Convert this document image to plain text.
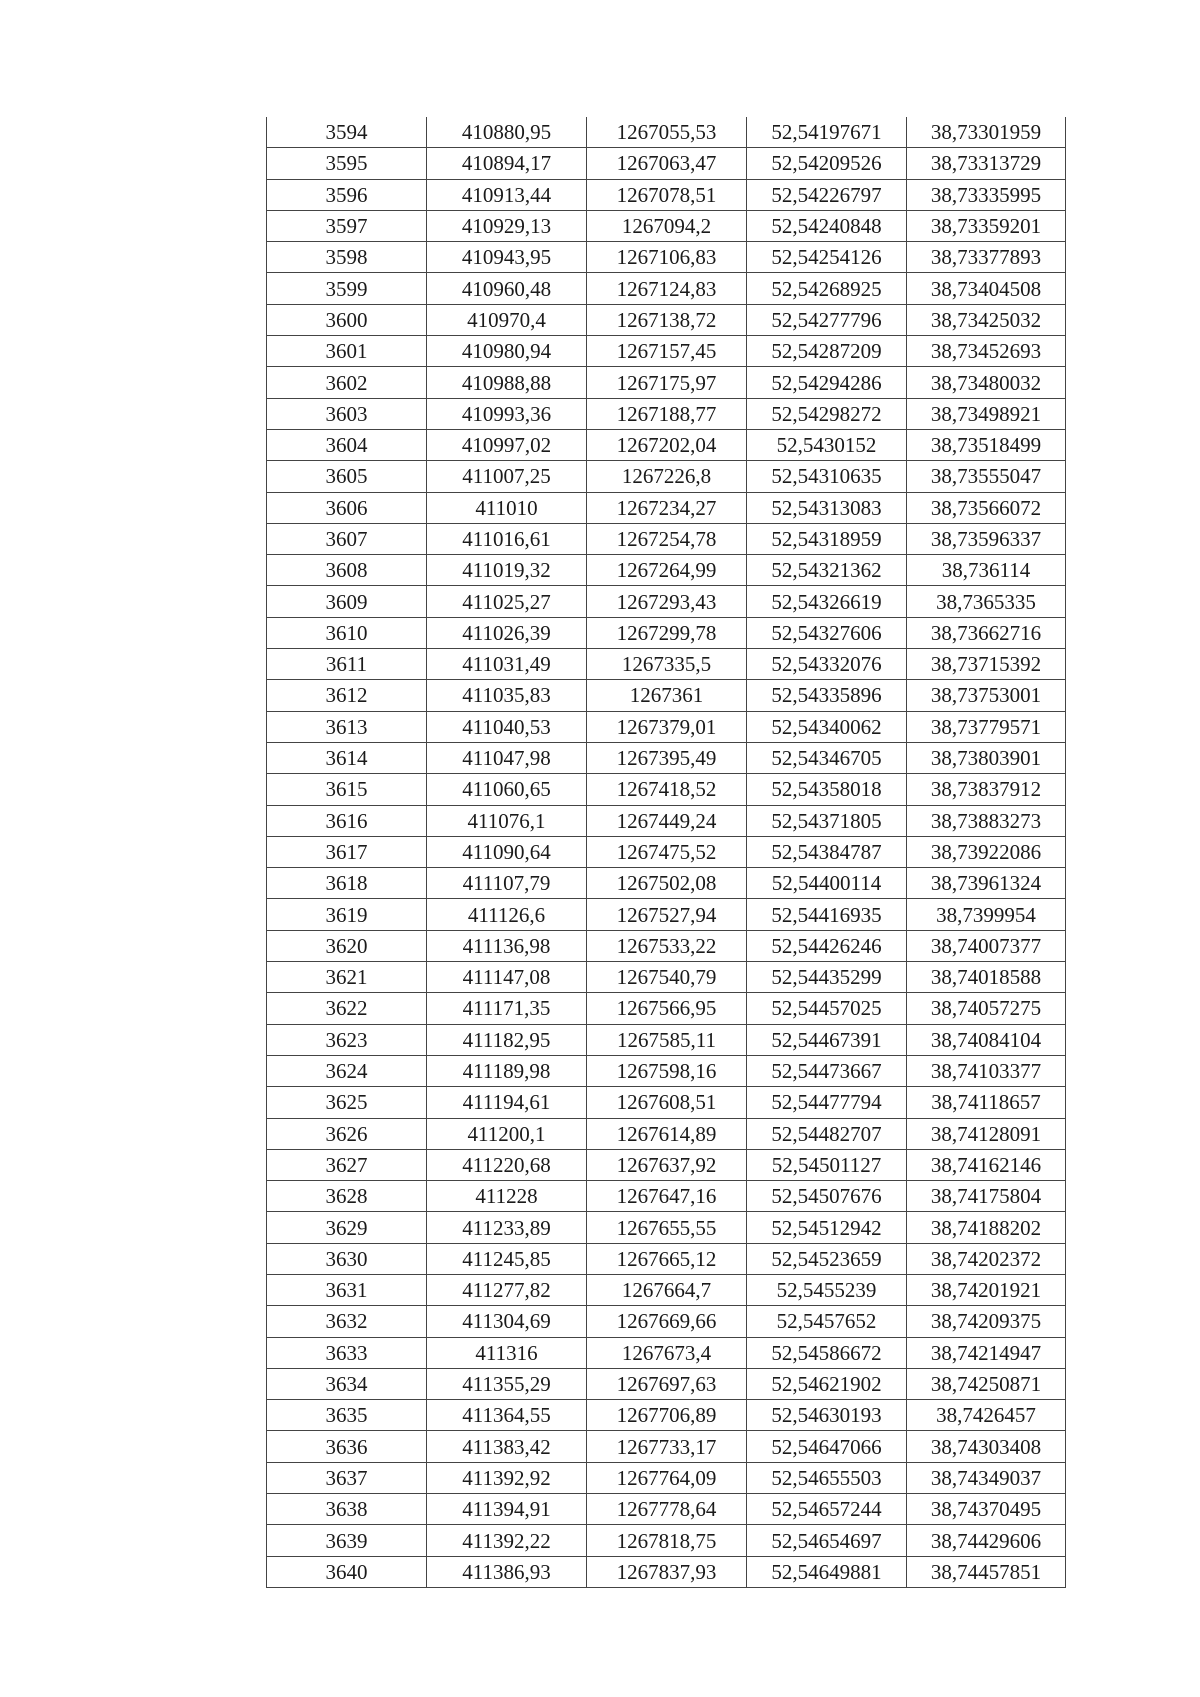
3594	410880,95	1267055,53	52,54197671	38,73301959
3595	410894,17	1267063,47	52,54209526	38,73313729
3596	410913,44	1267078,51	52,54226797	38,73335995
3597	410929,13	1267094,2	52,54240848	38,73359201
3598	410943,95	1267106,83	52,54254126	38,73377893
3599	410960,48	1267124,83	52,54268925	38,73404508
3600	410970,4	1267138,72	52,54277796	38,73425032
3601	410980,94	1267157,45	52,54287209	38,73452693
3602	410988,88	1267175,97	52,54294286	38,73480032
3603	410993,36	1267188,77	52,54298272	38,73498921
3604	410997,02	1267202,04	52,5430152	38,73518499
3605	411007,25	1267226,8	52,54310635	38,73555047
3606	411010	1267234,27	52,54313083	38,73566072
3607	411016,61	1267254,78	52,54318959	38,73596337
3608	411019,32	1267264,99	52,54321362	38,736114
3609	411025,27	1267293,43	52,54326619	38,7365335
3610	411026,39	1267299,78	52,54327606	38,73662716
3611	411031,49	1267335,5	52,54332076	38,73715392
3612	411035,83	1267361	52,54335896	38,73753001
3613	411040,53	1267379,01	52,54340062	38,73779571
3614	411047,98	1267395,49	52,54346705	38,73803901
3615	411060,65	1267418,52	52,54358018	38,73837912
3616	411076,1	1267449,24	52,54371805	38,73883273
3617	411090,64	1267475,52	52,54384787	38,73922086
3618	411107,79	1267502,08	52,54400114	38,73961324
3619	411126,6	1267527,94	52,54416935	38,7399954
3620	411136,98	1267533,22	52,54426246	38,74007377
3621	411147,08	1267540,79	52,54435299	38,74018588
3622	411171,35	1267566,95	52,54457025	38,74057275
3623	411182,95	1267585,11	52,54467391	38,74084104
3624	411189,98	1267598,16	52,54473667	38,74103377
3625	411194,61	1267608,51	52,54477794	38,74118657
3626	411200,1	1267614,89	52,54482707	38,74128091
3627	411220,68	1267637,92	52,54501127	38,74162146
3628	411228	1267647,16	52,54507676	38,74175804
3629	411233,89	1267655,55	52,54512942	38,74188202
3630	411245,85	1267665,12	52,54523659	38,74202372
3631	411277,82	1267664,7	52,5455239	38,74201921
3632	411304,69	1267669,66	52,5457652	38,74209375
3633	411316	1267673,4	52,54586672	38,74214947
3634	411355,29	1267697,63	52,54621902	38,74250871
3635	411364,55	1267706,89	52,54630193	38,7426457
3636	411383,42	1267733,17	52,54647066	38,74303408
3637	411392,92	1267764,09	52,54655503	38,74349037
3638	411394,91	1267778,64	52,54657244	38,74370495
3639	411392,22	1267818,75	52,54654697	38,74429606
3640	411386,93	1267837,93	52,54649881	38,74457851
